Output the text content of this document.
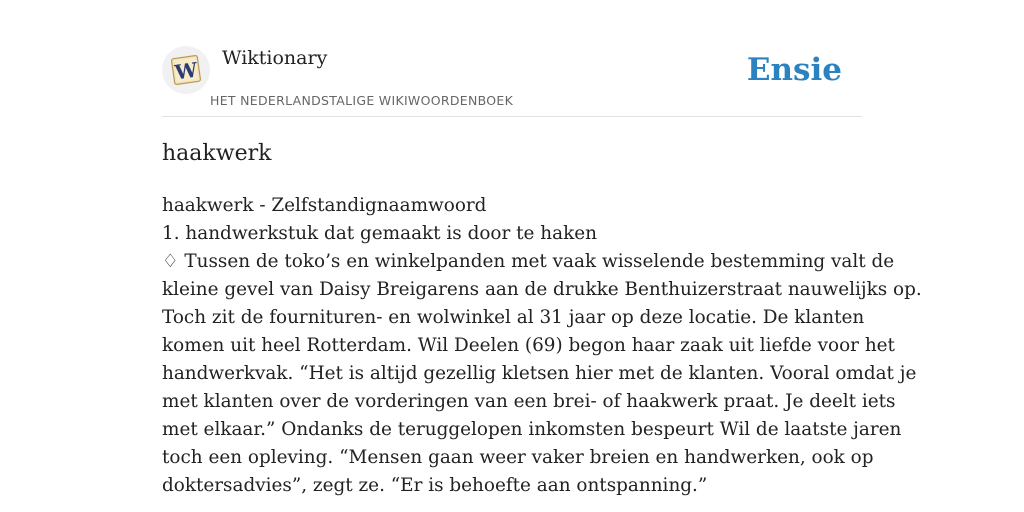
W Wiktionary
HET NEDERLANDSTALIGE WIKIWOORDENBOEK
Ensie
haakwerk
haakwerk - Zelfstandignaamwoord
1. handwerkstuk dat gemaakt is door te haken
♢ Tussen de toko’s en winkelpanden met vaak wisselende bestemming valt de
kleine gevel van Daisy Breigarens aan de drukke Benthuizerstraat nauwelijks op.
Toch zit de fournituren- en wolwinkel al 31 jaar op deze locatie. De klanten
komen uit heel Rotterdam. Wil Deelen (69) begon haar zaak uit liefde voor het
handwerkvak. “Het is altijd gezellig kletsen hier met de klanten. Vooral omdat je
met klanten over de vorderingen van een brei- of haakwerk praat. Je deelt iets
met elkaar.” Ondanks de teruggelopen inkomsten bespeurt Wil de laatste jaren
toch een opleving. “Mensen gaan weer vaker breien en handwerken, ook op
doktersadvies”, zegt ze. “Er is behoefte aan ontspanning.”
